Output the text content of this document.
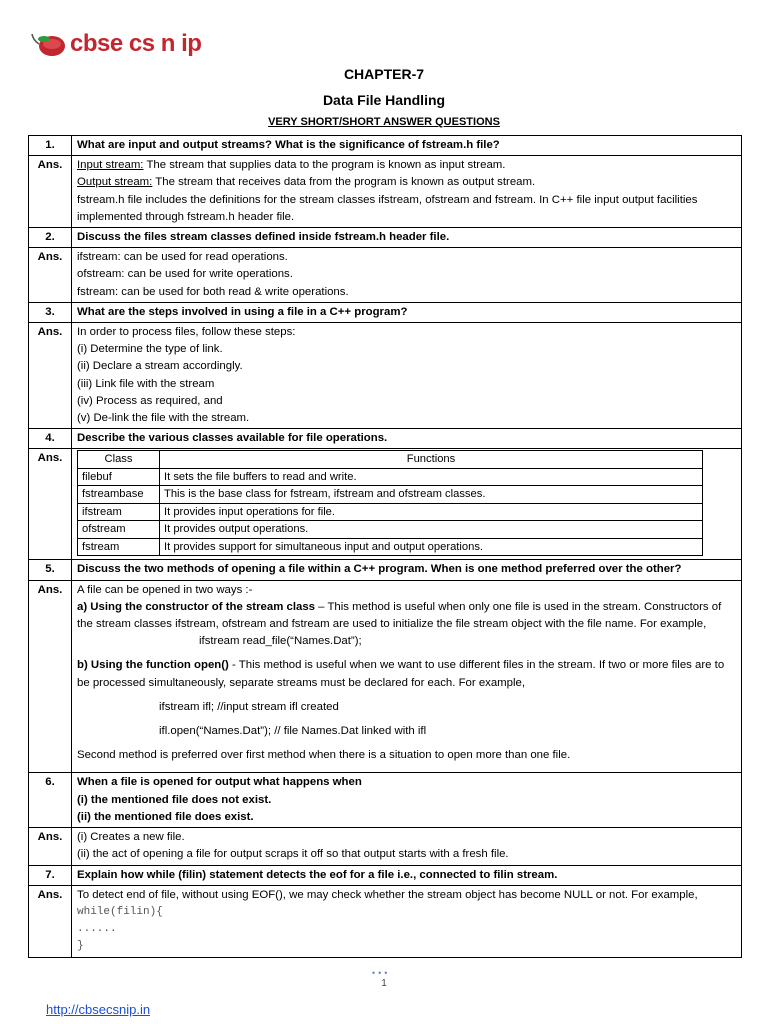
cbse cs n ip
CHAPTER-7
Data File Handling
VERY SHORT/SHORT ANSWER QUESTIONS
1.	What are input and output streams? What is the significance of fstream.h file?
Ans.	Input stream: The stream that supplies data to the program is known as input stream.
Output stream: The stream that receives data from the program is known as output stream.
fstream.h file includes the definitions for the stream classes ifstream, ofstream and fstream. In C++ file input output facilities implemented through fstream.h header file.

2.	Discuss the files stream classes defined inside fstream.h header file.
Ans.	ifstream: can be used for read operations.
ofstream: can be used for write operations.
fstream: can be used for both read & write operations.

3.	What are the steps involved in using a file in a C++ program?
Ans.	In order to process files, follow these steps:
(i) Determine the type of link.
(ii) Declare a stream accordingly.
(iii) Link file with the stream
(iv) Process as required, and
(v) De-link the file with the stream.

4.	Describe the various classes available for file operations.
Ans.		Class	Functions
filebuf	It sets the file buffers to read and write.
fstreambase	This is the base class for fstream, ifstream and ofstream classes.
ifstream	It provides input operations for file.
ofstream	It provides output operations.
fstream	It provides support for simultaneous input and output operations.

5.	Discuss the two methods of opening a file within a C++ program. When is one method preferred over the other?
Ans.	A file can be opened in two ways :-
a) Using the constructor of the stream class – This method is useful when only one file is used in the stream. Constructors of the stream classes ifstream, ofstream and fstream are used to initialize the file stream object with the file name. For example,
ifstream read_file(“Names.Dat”);
b) Using the function open() - This method is useful when we want to use different files in the stream. If two or more files are to be processed simultaneously, separate streams must be declared for each. For example,
ifstream ifl; //input stream ifl created
ifl.open(“Names.Dat”); // file Names.Dat linked with ifl
Second method is preferred over first method when there is a situation to open more than one file.

6.	When a file is opened for output what happens when
(i) the mentioned file does not exist.
(ii) the mentioned file does exist.

Ans.	(i) Creates a new file.
(ii) the act of opening a file for output scraps it off so that output starts with a fresh file.

7.	Explain how while (filin) statement detects the eof for a file i.e., connected to filin stream.
Ans.	To detect end of file, without using EOF(), we may check whether the stream object has become NULL or not. For example,
while(filin){
......
}
•••
1
http://cbsecsnip.in
